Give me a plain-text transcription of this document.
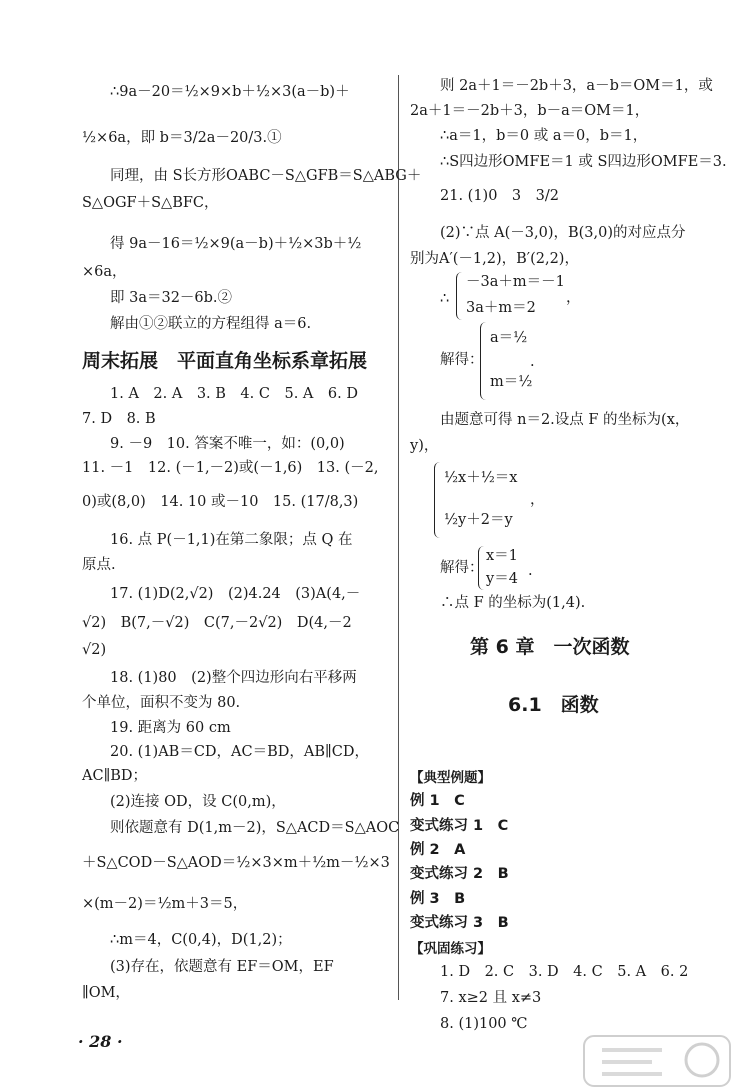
∴9a－20＝½×9×b＋½×3(a－b)＋
½×6a，即 b＝3/2a－20/3.①
同理，由 S长方形OABC－S△GFB＝S△ABG＋
S△OGF＋S△BFC，
得 9a－16＝½×9(a－b)＋½×3b＋½
×6a，
即 3a＝32－6b.②
解由①②联立的方程组得 a＝6.
周末拓展　平面直角坐标系章拓展
1. A　2. A　3. B　4. C　5. A　6. D
7. D　8. B
9. －9　10. 答案不唯一，如：(0,0)
11. －1　12. (－1,－2)或(－1,6)　13. (－2,
0)或(8,0)　14. 10 或－10　15. (17/8,3)
16. 点 P(－1,1)在第二象限；点 Q 在
原点.
17. (1)D(2,√2)　(2)4.24　(3)A(4,－
√2)　B(7,－√2)　C(7,－2√2)　D(4,－2
√2)
18. (1)80　(2)整个四边形向右平移两
个单位，面积不变为 80.
19. 距离为 60 cm
20. (1)AB＝CD，AC＝BD，AB∥CD，
AC∥BD；
(2)连接 OD，设 C(0,m)，
则依题意有 D(1,m－2)，S△ACD＝S△AOC
＋S△COD－S△AOD＝½×3×m＋½m－½×3
×(m－2)＝½m＋3＝5，
∴m＝4，C(0,4)，D(1,2)；
(3)存在，依题意有 EF＝OM，EF
∥OM，
则 2a＋1＝－2b＋3，a－b＝OM＝1，或
2a＋1＝－2b＋3，b－a＝OM＝1，
∴a＝1，b＝0 或 a＝0，b＝1，
∴S四边形OMFE＝1 或 S四边形OMFE＝3.
21. (1)0　3　3/2
(2)∵点 A(－3,0)，B(3,0)的对应点分
别为A′(－1,2)，B′(2,2)，
∴
－3a＋m＝－1
3a＋m＝2
，
解得：
a＝½
m＝½
.
由题意可得 n＝2.设点 F 的坐标为(x，
y)，
½x＋½＝x
½y＋2＝y
，
解得：
x＝1
y＝4 .
∴点 F 的坐标为(1,4).
第 6 章　一次函数
6.1　函数
【典型例题】
例 1　C
变式练习 1　C
例 2　A
变式练习 2　B
例 3　B
变式练习 3　B
【巩固练习】
1. D　2. C　3. D　4. C　5. A　6. 2
7. x≥2 且 x≠3
8. (1)100 ℃
· 28 ·
